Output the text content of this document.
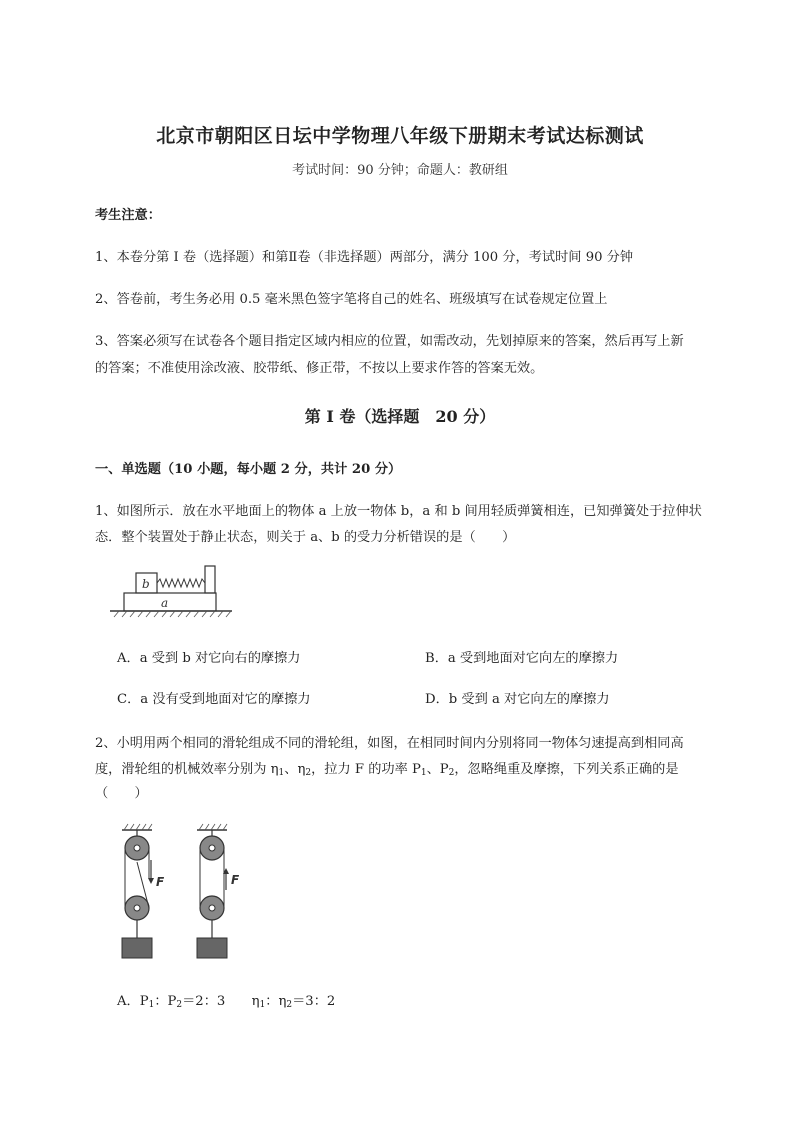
北京市朝阳区日坛中学物理八年级下册期末考试达标测试
考试时间：90 分钟；命题人：教研组
考生注意：
1、本卷分第 I 卷（选择题）和第Ⅱ卷（非选择题）两部分，满分 100 分，考试时间 90 分钟
2、答卷前，考生务必用 0.5 毫米黑色签字笔将自己的姓名、班级填写在试卷规定位置上
3、答案必须写在试卷各个题目指定区域内相应的位置，如需改动，先划掉原来的答案，然后再写上新
的答案；不准使用涂改液、胶带纸、修正带，不按以上要求作答的答案无效。
第 I 卷（选择题　20 分）
一、单选题（10 小题，每小题 2 分，共计 20 分）
1、如图所示．放在水平地面上的物体 a 上放一物体 b，a 和 b 间用轻质弹簧相连，已知弹簧处于拉伸状
态．整个装置处于静止状态，则关于 a、b 的受力分析错误的是（　　）
a
b
A．a 受到 b 对它向右的摩擦力	B．a 受到地面对它向左的摩擦力
C．a 没有受到地面对它的摩擦力	D．b 受到 a 对它向左的摩擦力
2、小明用两个相同的滑轮组成不同的滑轮组，如图，在相同时间内分别将同一物体匀速提高到相同高
度，滑轮组的机械效率分别为 $\eta_1$、$\eta_2$，拉力 F 的功率 $P_1$、$P_2$，忽略绳重及摩擦，下列关系正确的是
（　　）
F	F
A．$P_1$：$P_2=2$：3　　$\eta_1$：$\eta_2=3$：2
